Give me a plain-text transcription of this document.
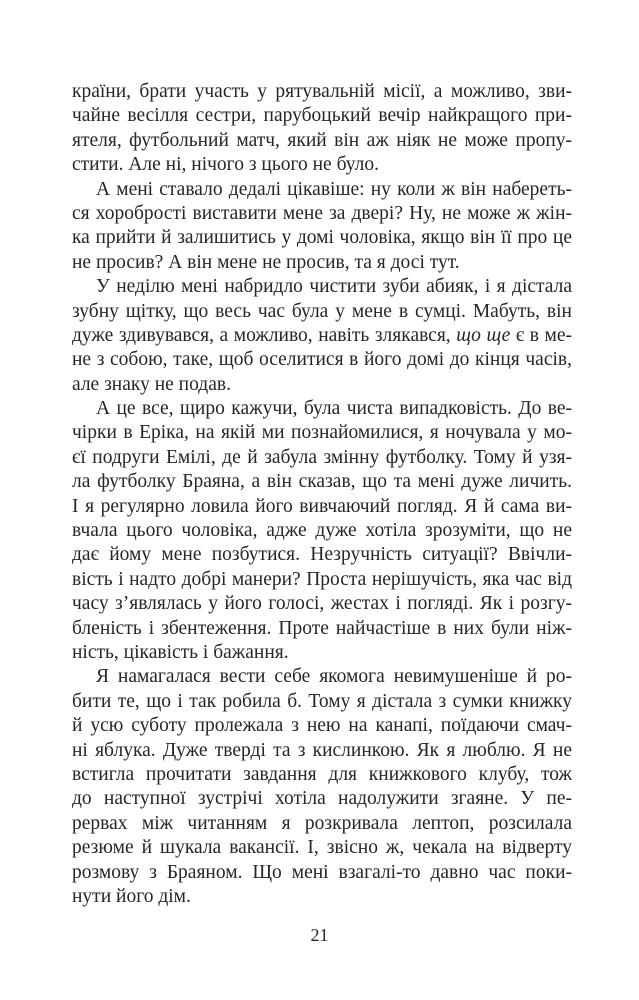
країни, брати участь у рятувальній місії, а можливо, зви-
чайне весілля сестри, парубоцький вечір найкращого при-
ятеля, футбольний матч, який він аж ніяк не може пропу-
стити. Але ні, нічого з цього не було.
А мені ставало дедалі цікавіше: ну коли ж він набереть-
ся хоробрості виставити мене за двері? Ну, не може ж жін-
ка прийти й залишитись у домі чоловіка, якщо він її про це
не просив? А він мене не просив, та я досі тут.
У неділю мені набридло чистити зуби абияк, і я дістала
зубну щітку, що весь час була у мене в сумці. Мабуть, він
дуже здивувався, а можливо, навіть злякався, що ще є в ме-
не з собою, таке, щоб оселитися в його домі до кінця часів,
але знаку не подав.
А це все, щиро кажучи, була чиста випадковість. До ве-
чірки в Еріка, на якій ми познайомилися, я ночувала у мо-
єї подруги Емілі, де й забула змінну футболку. Тому й узя-
ла футболку Браяна, а він сказав, що та мені дуже личить.
І я регулярно ловила його вивчаючий погляд. Я й сама ви-
вчала цього чоловіка, адже дуже хотіла зрозуміти, що не
дає йому мене позбутися. Незручність ситуації? Ввічли-
вість і надто добрі манери? Проста нерішучість, яка час від
часу з’являлась у його голосі, жестах і погляді. Як і розгу-
бленість і збентеження. Проте найчастіше в них були ніж-
ність, цікавість і бажання.
Я намагалася вести себе якомога невимушеніше й ро-
бити те, що і так робила б. Тому я дістала з сумки книжку
й усю суботу пролежала з нею на канапі, поїдаючи смач-
ні яблука. Дуже тверді та з кислинкою. Як я люблю. Я не
встигла прочитати завдання для книжкового клубу, тож
до наступної зустрічі хотіла надолужити згаяне. У пе-
рервах між читанням я розкривала лептоп, розсилала
резюме й шукала вакансії. І, звісно ж, чекала на відверту
розмову з Браяном. Що мені взагалі-то давно час поки-
нути його дім.
21
